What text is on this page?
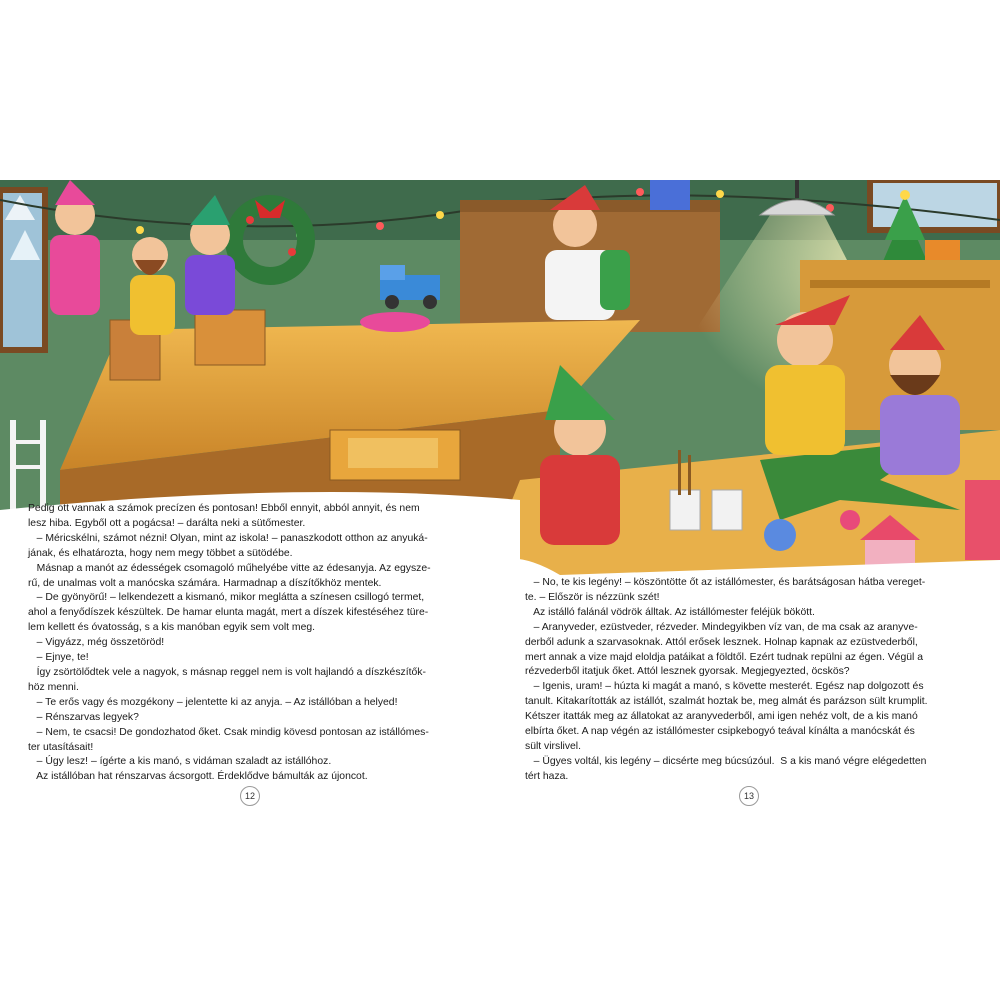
Pedig ott vannak a számok precízen és pontosan! Ebből ennyit, abból annyit, és nem

lesz hiba. Egyből ott a pogácsa! – darálta neki a sütőmester.

– Méricskélni, számot nézni! Olyan, mint az iskola! – panaszkodott otthon az anyuká-

jának, és elhatározta, hogy nem megy többet a sütödébe.

Másnap a manót az édességek csomagoló műhelyébe vitte az édesanyja. Az egysze-

rű, de unalmas volt a manócska számára. Harmadnap a díszítőkhöz mentek.

– De gyönyörű! – lelkendezett a kismanó, mikor meglátta a színesen csillogó termet,

ahol a fenyődíszek készültek. De hamar elunta magát, mert a díszek kifestéséhez türe-

lem kellett és óvatosság, s a kis manóban egyik sem volt meg.

– Vigyázz, még összetöröd!

– Ejnye, te!

Így zsörtölődtek vele a nagyok, s másnap reggel nem is volt hajlandó a díszkészítők-

höz menni.

– Te erős vagy és mozgékony – jelentette ki az anyja. – Az istállóban a helyed!

– Rénszarvas legyek?

– Nem, te csacsi! De gondozhatod őket. Csak mindig kövesd pontosan az istállómes-

ter utasításait!

– Úgy lesz! – ígérte a kis manó, s vidáman szaladt az istállóhoz.

Az istállóban hat rénszarvas ácsorgott. Érdeklődve bámulták az újoncot.

– No, te kis legény! – köszöntötte őt az istállómester, és barátságosan hátba vereget-

te. – Először is nézzünk szét!

Az istálló falánál vödrök álltak. Az istállómester feléjük bökött.

– Aranyveder, ezüstveder, rézveder. Mindegyikben víz van, de ma csak az aranyve-

derből adunk a szarvasoknak. Attól erősek lesznek. Holnap kapnak az ezüstvederből,

mert annak a vize majd eloldja patáikat a földtől. Ezért tudnak repülni az égen. Végül a

rézvederből itatjuk őket. Attól lesznek gyorsak. Megjegyezted, öcskös?

– Igenis, uram! – húzta ki magát a manó, s követte mesterét. Egész nap dolgozott és

tanult. Kitakarították az istállót, szalmát hoztak be, meg almát és parázson sült krumplit.

Kétszer itatták meg az állatokat az aranyvederből, ami igen nehéz volt, de a kis manó

elbírta őket. A nap végén az istállómester csipkebogyó teával kínálta a manócskát és

sült virslivel.

– Ügyes voltál, kis legény – dicsérte meg búcsúzóul.  S a kis manó végre elégedetten

tért haza.

12	13
